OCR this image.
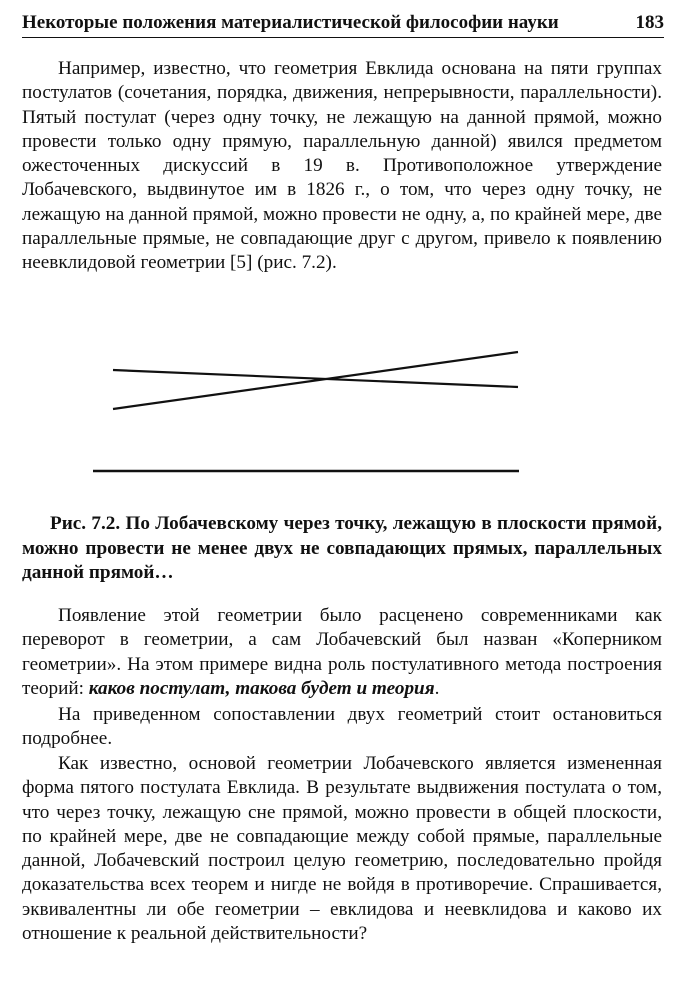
Некоторые положения материалистической философии науки	183

Например, известно, что геометрия Евклида основана на пяти группах постулатов (сочетания, порядка, движения, непрерывности, параллельности). Пятый постулат (через одну точку, не лежащую на данной прямой, можно провести только одну прямую, параллельную данной) явился предметом ожесточенных дискуссий в 19 в. Противоположное утверждение Лобачевского, выдвинутое им в 1826 г., о том, что через одну точку, не лежащую на данной прямой, можно провести не одну, а, по крайней мере, две параллельные прямые, не совпадающие друг с другом, привело к появлению неевклидовой геометрии [5] (рис. 7.2).

Рис. 7.2. По Лобачевскому через точку, лежащую в плоскости прямой, можно провести не менее двух не совпадающих прямых, параллельных данной прямой…

Появление этой геометрии было расценено современниками как переворот в геометрии, а сам Лобачевский был назван «Коперником геометрии». На этом примере видна роль постулативного метода построения теорий: каков постулат, такова будет и теория.

На приведенном сопоставлении двух геометрий стоит остановиться подробнее.

Как известно, основой геометрии Лобачевского является измененная форма пятого постулата Евклида. В результате выдвижения постулата о том, что через точку, лежащую сне прямой, можно провести в общей плоскости, по крайней мере, две не совпадающие между собой прямые, параллельные данной, Лобачевский построил целую геометрию, последовательно пройдя доказательства всех теорем и нигде не войдя в противоречие. Спрашивается, эквивалентны ли обе геометрии – евклидова и неевклидова и каково их отношение к реальной действительности?
